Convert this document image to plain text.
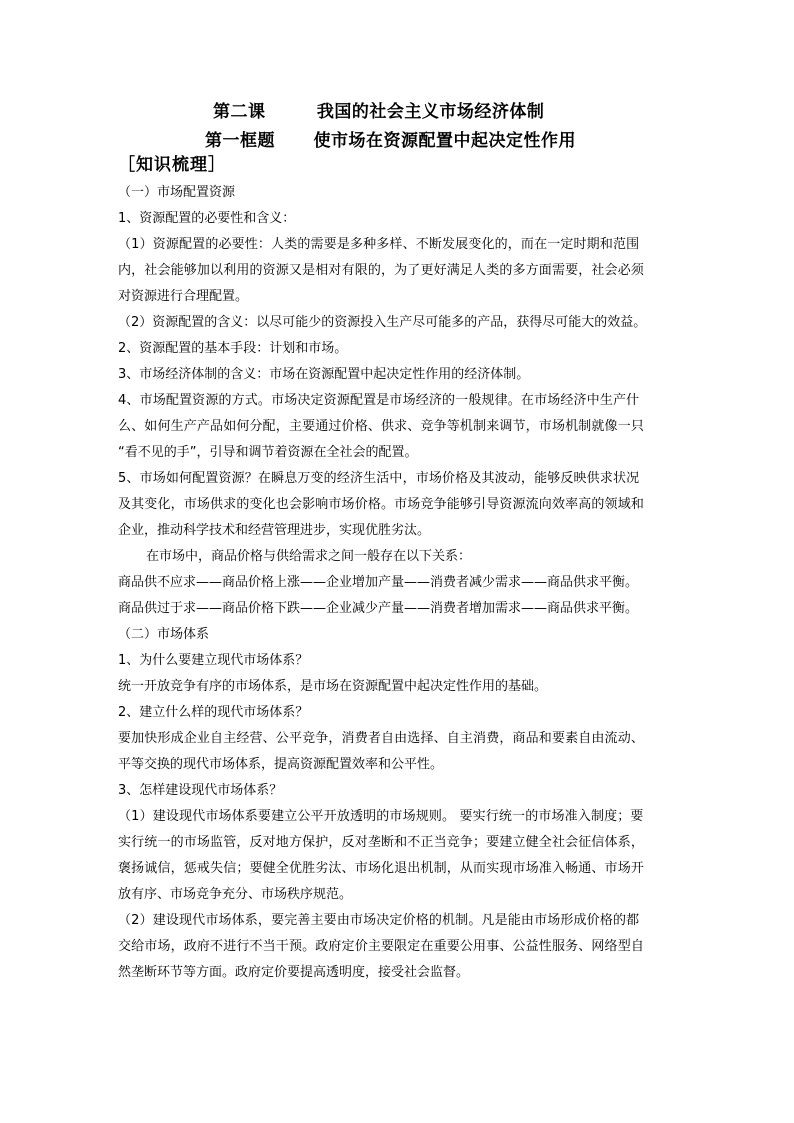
第二课        我国的社会主义市场经济体制
第一框题      使市场在资源配置中起决定性作用
［知识梳理］
（一）市场配置资源
1、资源配置的必要性和含义：
（1）资源配置的必要性：人类的需要是多种多样、不断发展变化的，而在一定时期和范围
内，社会能够加以利用的资源又是相对有限的，为了更好满足人类的多方面需要，社会必须
对资源进行合理配置。
（2）资源配置的含义：以尽可能少的资源投入生产尽可能多的产品，获得尽可能大的效益。
2、资源配置的基本手段：计划和市场。
3、市场经济体制的含义：市场在资源配置中起决定性作用的经济体制。
4、市场配置资源的方式。市场决定资源配置是市场经济的一般规律。在市场经济中生产什
么、如何生产产品如何分配，主要通过价格、供求、竞争等机制来调节，市场机制就像一只
“看不见的手”，引导和调节着资源在全社会的配置。
5、市场如何配置资源？在瞬息万变的经济生活中，市场价格及其波动，能够反映供求状况
及其变化，市场供求的变化也会影响市场价格。市场竞争能够引导资源流向效率高的领域和
企业，推动科学技术和经营管理进步，实现优胜劣汰。
在市场中，商品价格与供给需求之间一般存在以下关系：
商品供不应求——商品价格上涨——企业增加产量——消费者减少需求——商品供求平衡。
商品供过于求——商品价格下跌——企业减少产量——消费者增加需求——商品供求平衡。
（二）市场体系
1、为什么要建立现代市场体系？
统一开放竞争有序的市场体系，是市场在资源配置中起决定性作用的基础。
2、建立什么样的现代市场体系？
要加快形成企业自主经营、公平竞争，消费者自由选择、自主消费，商品和要素自由流动、
平等交换的现代市场体系，提高资源配置效率和公平性。
3、怎样建设现代市场体系？
（1）建设现代市场体系要建立公平开放透明的市场规则。 要实行统一的市场准入制度；要
实行统一的市场监管，反对地方保护，反对垄断和不正当竞争；要建立健全社会征信体系，
褒扬诚信，惩戒失信；要健全优胜劣汰、市场化退出机制，从而实现市场准入畅通、市场开
放有序、市场竞争充分、市场秩序规范。
（2）建设现代市场体系，要完善主要由市场决定价格的机制。凡是能由市场形成价格的都
交给市场，政府不进行不当干预。政府定价主要限定在重要公用事、公益性服务、网络型自
然垄断环节等方面。政府定价要提高透明度，接受社会监督。
